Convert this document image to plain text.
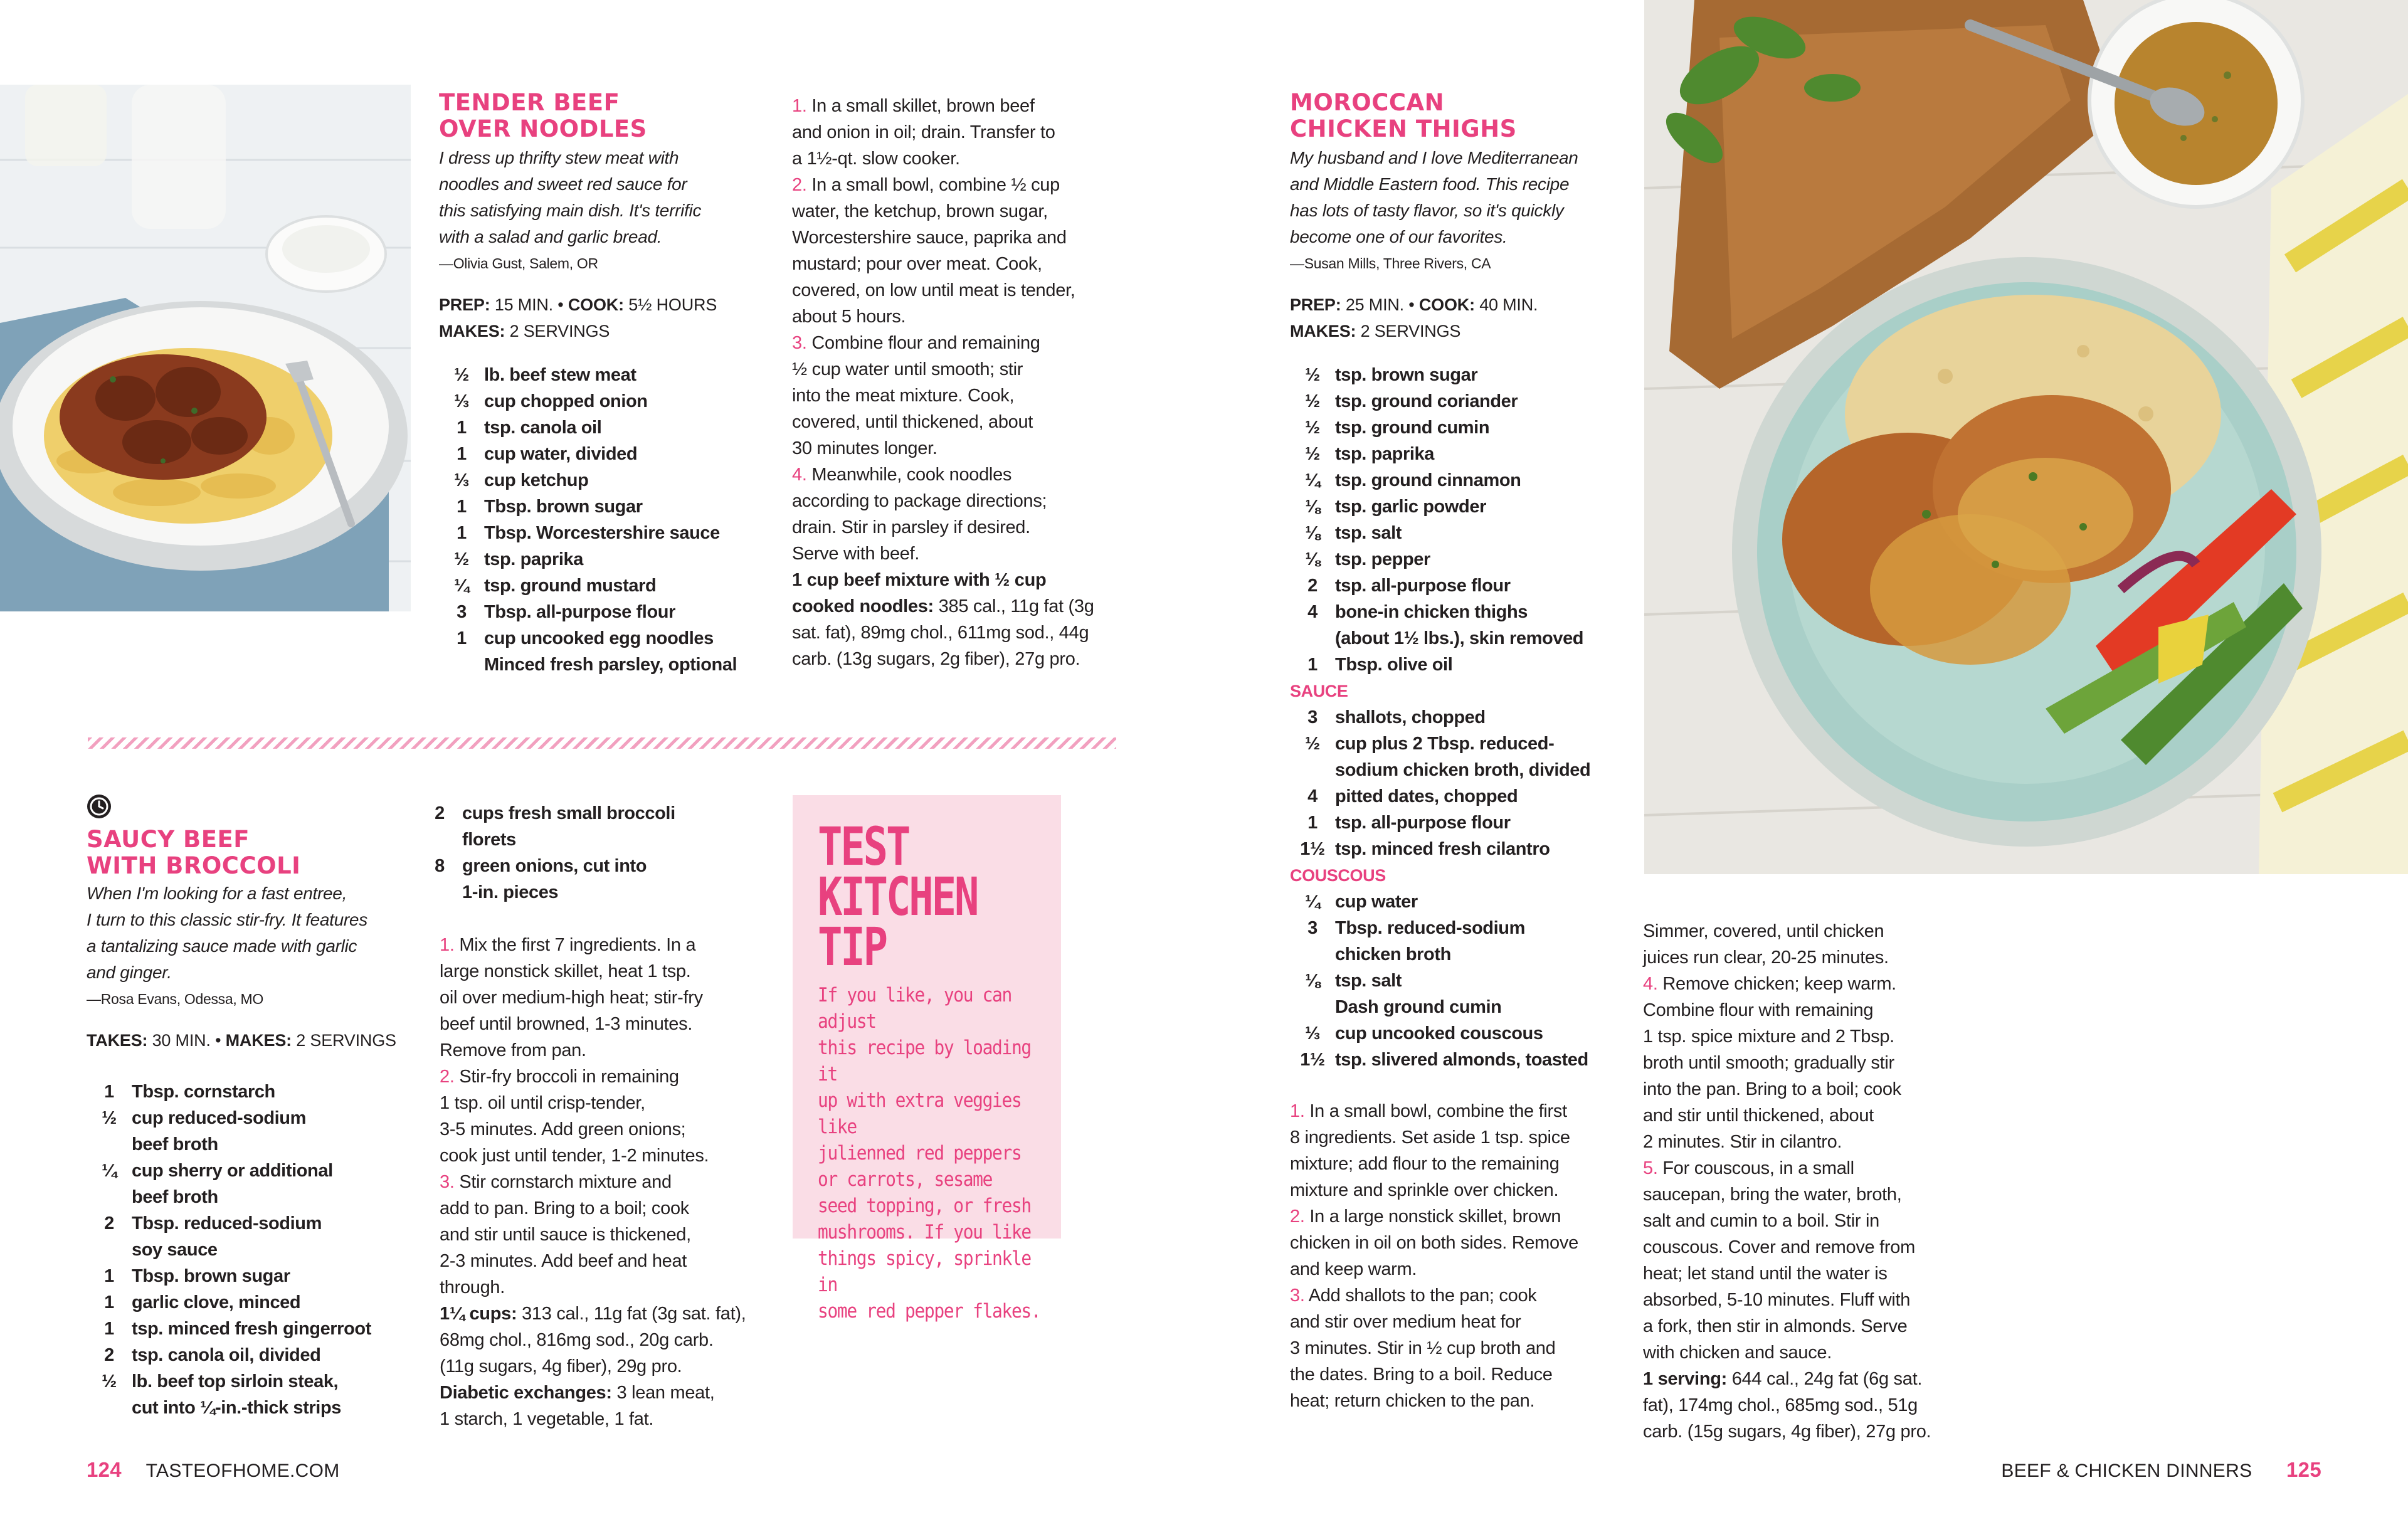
TENDER BEEF
OVER NOODLES

I dress up thrifty stew meat with
noodles and sweet red sauce for
this satisfying main dish. It's terrific
with a salad and garlic bread.

—Olivia Gust, Salem, OR

PREP: 15 MIN. • COOK: 5½ HOURS
MAKES: 2 SERVINGS

½ lb. beef stew meat
⅓ cup chopped onion
1 tsp. canola oil
1 cup water, divided
⅓ cup ketchup
1 Tbsp. brown sugar
1 Tbsp. Worcestershire sauce
½ tsp. paprika
¼ tsp. ground mustard
3 Tbsp. all-purpose flour
1 cup uncooked egg noodles
Minced fresh parsley, optional

1. In a small skillet, brown beef
and onion in oil; drain. Transfer to
a 1½-qt. slow cooker.

2. In a small bowl, combine ½ cup
water, the ketchup, brown sugar,
Worcestershire sauce, paprika and
mustard; pour over meat. Cook,
covered, on low until meat is tender,
about 5 hours.

3. Combine flour and remaining
½ cup water until smooth; stir
into the meat mixture. Cook,
covered, until thickened, about
30 minutes longer.

4. Meanwhile, cook noodles
according to package directions;
drain. Stir in parsley if desired.
Serve with beef.

1 cup beef mixture with ½ cup
cooked noodles: 385 cal., 11g fat (3g
sat. fat), 89mg chol., 611mg sod., 44g
carb. (13g sugars, 2g fiber), 27g pro.

SAUCY BEEF
WITH BROCCOLI

When I'm looking for a fast entree,
I turn to this classic stir-fry. It features
a tantalizing sauce made with garlic
and ginger.

—Rosa Evans, Odessa, MO

TAKES: 30 MIN. • MAKES: 2 SERVINGS

1 Tbsp. cornstarch
½ cup reduced-sodium
beef broth
¼ cup sherry or additional
beef broth
2 Tbsp. reduced-sodium
soy sauce
1 Tbsp. brown sugar
1 garlic clove, minced
1 tsp. minced fresh gingerroot
2 tsp. canola oil, divided
½ lb. beef top sirloin steak,
cut into ¼-in.-thick strips
2 cups fresh small broccoli
florets
8 green onions, cut into
1-in. pieces

1. Mix the first 7 ingredients. In a
large nonstick skillet, heat 1 tsp.
oil over medium-high heat; stir-fry
beef until browned, 1-3 minutes.
Remove from pan.

2. Stir-fry broccoli in remaining
1 tsp. oil until crisp-tender,
3-5 minutes. Add green onions;
cook just until tender, 1-2 minutes.

3. Stir cornstarch mixture and
add to pan. Bring to a boil; cook
and stir until sauce is thickened,
2-3 minutes. Add beef and heat
through.

1¼ cups: 313 cal., 11g fat (3g sat. fat),
68mg chol., 816mg sod., 20g carb.
(11g sugars, 4g fiber), 29g pro.
Diabetic exchanges: 3 lean meat,
1 starch, 1 vegetable, 1 fat.

TEST
KITCHEN
TIP

If you like, you can adjust
this recipe by loading it
up with extra veggies like
julienned red peppers
or carrots, sesame
seed topping, or fresh
mushrooms. If you like
things spicy, sprinkle in
some red pepper flakes.

MOROCCAN
CHICKEN THIGHS

My husband and I love Mediterranean
and Middle Eastern food. This recipe
has lots of tasty flavor, so it's quickly
become one of our favorites.

—Susan Mills, Three Rivers, CA

PREP: 25 MIN. • COOK: 40 MIN.
MAKES: 2 SERVINGS

½ tsp. brown sugar
½ tsp. ground coriander
½ tsp. ground cumin
½ tsp. paprika
¼ tsp. ground cinnamon
⅛ tsp. garlic powder
⅛ tsp. salt
⅛ tsp. pepper
2 tsp. all-purpose flour
4 bone-in chicken thighs
(about 1½ lbs.), skin removed
1 Tbsp. olive oil
SAUCE
3 shallots, chopped
½ cup plus 2 Tbsp. reduced-
sodium chicken broth, divided
4 pitted dates, chopped
1 tsp. all-purpose flour
1½ tsp. minced fresh cilantro
COUSCOUS
¼ cup water
3 Tbsp. reduced-sodium
chicken broth
⅛ tsp. salt
Dash ground cumin
⅓ cup uncooked couscous
1½ tsp. slivered almonds, toasted

1. In a small bowl, combine the first
8 ingredients. Set aside 1 tsp. spice
mixture; add flour to the remaining
mixture and sprinkle over chicken.

2. In a large nonstick skillet, brown
chicken in oil on both sides. Remove
and keep warm.

3. Add shallots to the pan; cook
and stir over medium heat for
3 minutes. Stir in ½ cup broth and
the dates. Bring to a boil. Reduce
heat; return chicken to the pan.

Simmer, covered, until chicken
juices run clear, 20-25 minutes.

4. Remove chicken; keep warm.
Combine flour with remaining
1 tsp. spice mixture and 2 Tbsp.
broth until smooth; gradually stir
into the pan. Bring to a boil; cook
and stir until thickened, about
2 minutes. Stir in cilantro.

5. For couscous, in a small
saucepan, bring the water, broth,
salt and cumin to a boil. Stir in
couscous. Cover and remove from
heat; let stand until the water is
absorbed, 5-10 minutes. Fluff with
a fork, then stir in almonds. Serve
with chicken and sauce.

1 serving: 644 cal., 24g fat (6g sat.
fat), 174mg chol., 685mg sod., 51g
carb. (15g sugars, 4g fiber), 27g pro.

124 TASTEOFHOME.COM	BEEF & CHICKEN DINNERS 125
